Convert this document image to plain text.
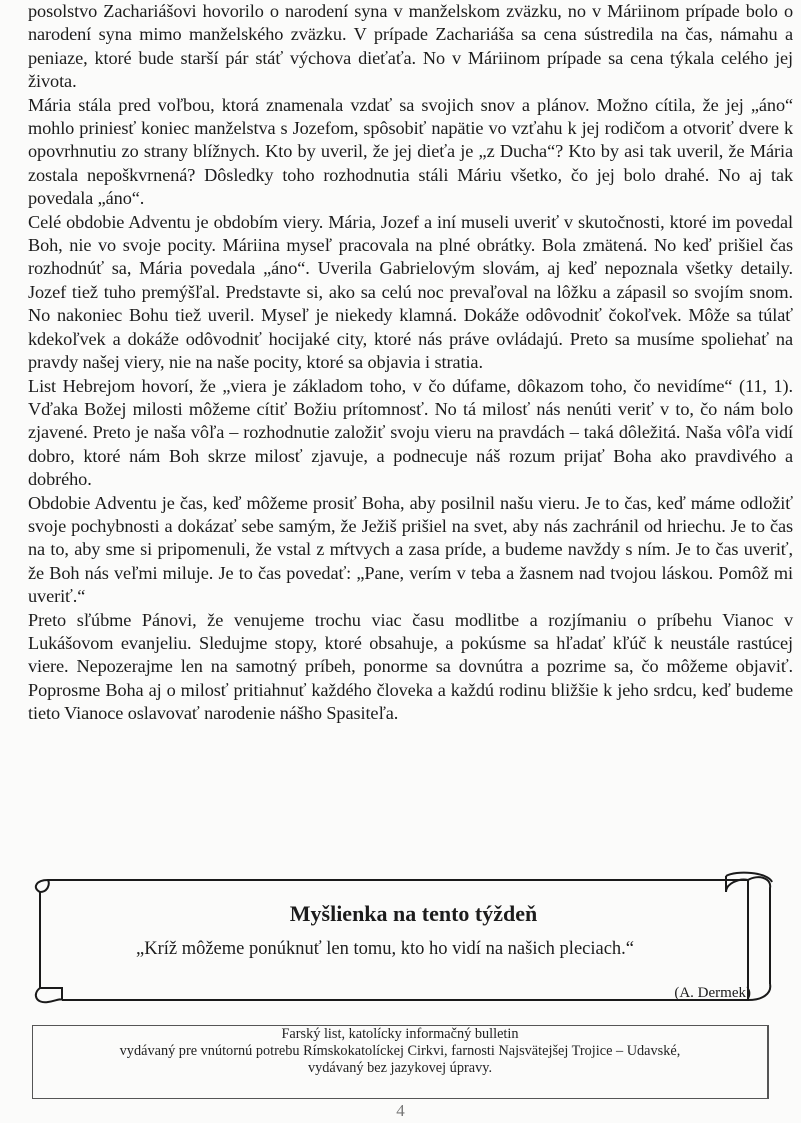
posolstvo Zachariášovi hovorilo o narodení syna v manželskom zväzku, no v Máriinom prípade bolo o narodení syna mimo manželského zväzku. V prípade Zachariáša sa cena sústredila na čas, námahu a peniaze, ktoré bude starší pár stáť výchova dieťaťa. No v Máriinom prípade sa cena týkala celého jej života.

Mária stála pred voľbou, ktorá znamenala vzdať sa svojich snov a plánov. Možno cítila, že jej „áno“ mohlo priniesť koniec manželstva s Jozefom, spôsobiť napätie vo vzťahu k jej rodičom a otvoriť dvere k opovrhnutiu zo strany blížnych. Kto by uveril, že jej dieťa je „z Ducha“? Kto by asi tak uveril, že Mária zostala nepoškvrnená? Dôsledky toho rozhodnutia stáli Máriu všetko, čo jej bolo drahé. No aj tak povedala „áno“.

Celé obdobie Adventu je obdobím viery. Mária, Jozef a iní museli uveriť v skutočnosti, ktoré im povedal Boh, nie vo svoje pocity. Máriina myseľ pracovala na plné obrátky. Bola zmätená. No keď prišiel čas rozhodnúť sa, Mária povedala „áno“. Uverila Gabrielovým slovám, aj keď nepoznala všetky detaily. Jozef tiež tuho premýšľal. Predstavte si, ako sa celú noc prevaľoval na lôžku a zápasil so svojím snom. No nakoniec Bohu tiež uveril. Myseľ je niekedy klamná. Dokáže odôvodniť čokoľvek. Môže sa túlať kdekoľvek a dokáže odôvodniť hocijaké city, ktoré nás práve ovládajú. Preto sa musíme spoliehať na pravdy našej viery, nie na naše pocity, ktoré sa objavia i stratia.

List Hebrejom hovorí, že „viera je základom toho, v čo dúfame, dôkazom toho, čo nevidíme“ (11, 1). Vďaka Božej milosti môžeme cítiť Božiu prítomnosť. No tá milosť nás nenúti veriť v to, čo nám bolo zjavené. Preto je naša vôľa – rozhodnutie založiť svoju vieru na pravdách – taká dôležitá. Naša vôľa vidí dobro, ktoré nám Boh skrze milosť zjavuje, a podnecuje náš rozum prijať Boha ako pravdivého a dobrého.

Obdobie Adventu je čas, keď môžeme prosiť Boha, aby posilnil našu vieru. Je to čas, keď máme odložiť svoje pochybnosti a dokázať sebe samým, že Ježiš prišiel na svet, aby nás zachránil od hriechu. Je to čas na to, aby sme si pripomenuli, že vstal z mŕtvych a zasa príde, a budeme navždy s ním. Je to čas uveriť, že Boh nás veľmi miluje. Je to čas povedať: „Pane, verím v teba a žasnem nad tvojou láskou. Pomôž mi uveriť.“

Preto sľúbme Pánovi, že venujeme trochu viac času modlitbe a rozjímaniu o príbehu Vianoc v Lukášovom evanjeliu. Sledujme stopy, ktoré obsahuje, a pokúsme sa hľadať kľúč k neustále rastúcej viere. Nepozerajme len na samotný príbeh, ponorme sa dovnútra a pozrime sa, čo môžeme objaviť. Poprosme Boha aj o milosť pritiahnuť každého človeka a každú rodinu bližšie k jeho srdcu, keď budeme tieto Vianoce oslavovať narodenie nášho Spasiteľa.

Myšlienka na tento týždeň
„Kríž môžeme ponúknuť len tomu, kto ho vidí na našich pleciach.“
(A. Dermek)
Farský list, katolícky informačný bulletin
vydávaný pre vnútornú potrebu Rímskokatolíckej Cirkvi, farnosti Najsvätejšej Trojice – Udavské,
vydávaný bez jazykovej úpravy.
4
